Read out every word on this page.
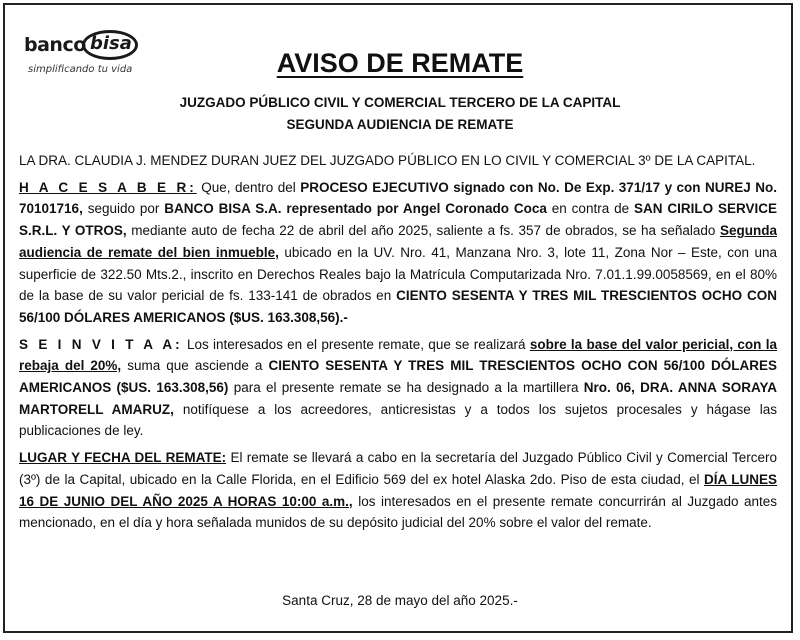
banco bisa
simplificando tu vida	AVISO DE REMATE
JUZGADO PÚBLICO CIVIL Y COMERCIAL TERCERO DE LA CAPITAL
SEGUNDA AUDIENCIA DE REMATE

LA DRA. CLAUDIA J. MENDEZ DURAN JUEZ DEL JUZGADO PÚBLICO EN LO CIVIL Y COMERCIAL 3º DE LA CAPITAL.

H A C E S A B E R: Que, dentro del PROCESO EJECUTIVO signado con No. De Exp. 371/17 y con NUREJ No. 70101716, seguido por BANCO BISA S.A. representado por Angel Coronado Coca en contra de SAN CIRILO SERVICE S.R.L. Y OTROS, mediante auto de fecha 22 de abril del año 2025, saliente a fs. 357 de obrados, se ha señalado Segunda audiencia de remate del bien inmueble, ubicado en la UV. Nro. 41, Manzana Nro. 3, lote 11, Zona Nor – Este, con una superficie de 322.50 Mts.2., inscrito en Derechos Reales bajo la Matrícula Computarizada Nro. 7.01.1.99.0058569, en el 80% de la base de su valor pericial de fs. 133-141 de obrados en CIENTO SESENTA Y TRES MIL TRESCIENTOS OCHO CON 56/100 DÓLARES AMERICANOS ($US. 163.308,56).-

S E I N V I T A A: Los interesados en el presente remate, que se realizará sobre la base del valor pericial, con la rebaja del 20%, suma que asciende a CIENTO SESENTA Y TRES MIL TRESCIENTOS OCHO CON 56/100 DÓLARES AMERICANOS ($US. 163.308,56) para el presente remate se ha designado a la martillera Nro. 06, DRA. ANNA SORAYA MARTORELL AMARUZ, notifíquese a los acreedores, anticresistas y a todos los sujetos procesales y hágase las publicaciones de ley.

LUGAR Y FECHA DEL REMATE: El remate se llevará a cabo en la secretaría del Juzgado Público Civil y Comercial Tercero (3º) de la Capital, ubicado en la Calle Florida, en el Edificio 569 del ex hotel Alaska 2do. Piso de esta ciudad, el DÍA LUNES 16 DE JUNIO DEL AÑO 2025 A HORAS 10:00 a.m., los interesados en el presente remate concurrirán al Juzgado antes mencionado, en el día y hora señalada munidos de su depósito judicial del 20% sobre el valor del remate.

Santa Cruz, 28 de mayo del año 2025.-
